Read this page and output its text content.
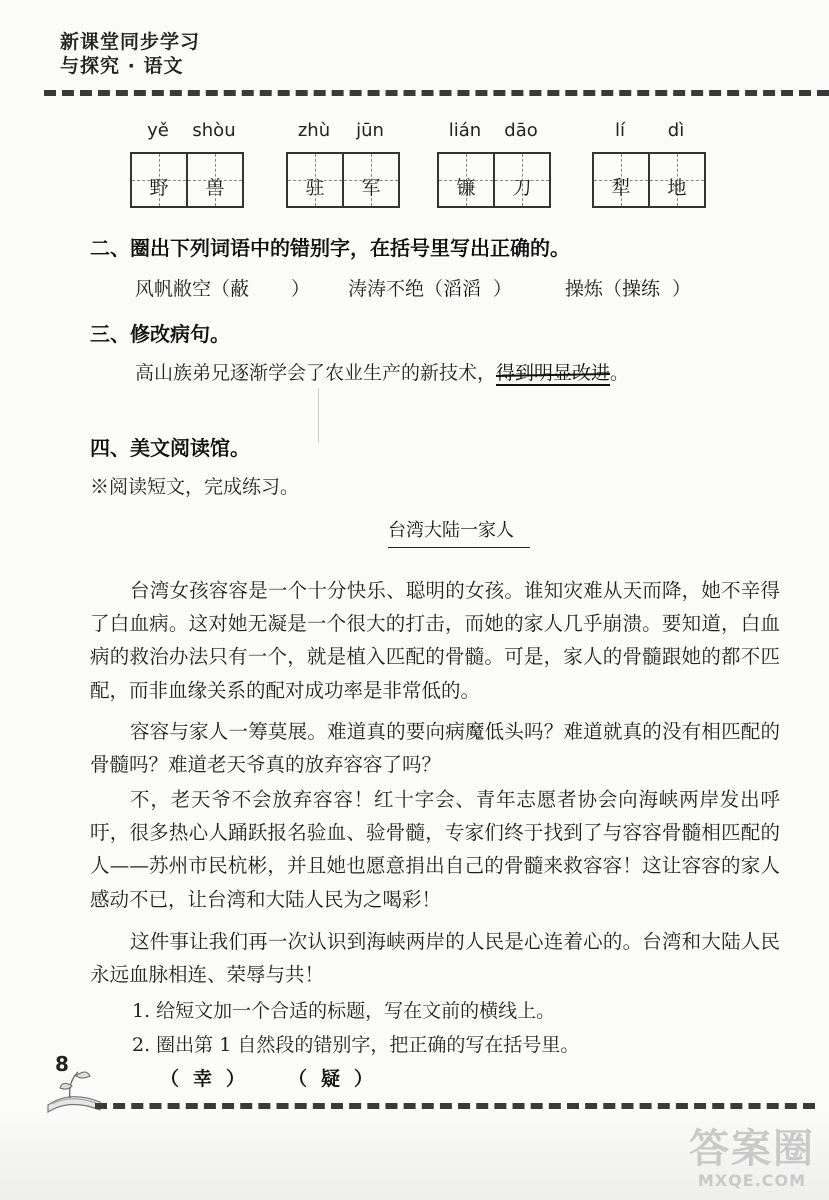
新课堂同步学习
与探究 · 语文
yě	shòu
野 兽
zhù	jūn
驻 军
lián	dāo
镰 刀
lí	dì
犁 地
二、圈出下列词语中的错别字，在括号里写出正确的。
风帆敝空（蔽 ） 涛涛不绝（滔滔 ）	操炼（操练 ）
三、修改病句。
高山族弟兄逐渐学会了农业生产的新技术，得到明显改进。
四、美文阅读馆。
※阅读短文，完成练习。
台湾大陆一家人
台湾女孩容容是一个十分快乐、聪明的女孩。谁知灾难从天而降，她不辛得了白血病。这对她无凝是一个很大的打击，而她的家人几乎崩溃。要知道，白血病的救治办法只有一个，就是植入匹配的骨髓。可是，家人的骨髓跟她的都不匹配，而非血缘关系的配对成功率是非常低的。
容容与家人一筹莫展。难道真的要向病魔低头吗？难道就真的没有相匹配的骨髓吗？难道老天爷真的放弃容容了吗？
不，老天爷不会放弃容容！红十字会、青年志愿者协会向海峡两岸发出呼吁，很多热心人踊跃报名验血、验骨髓，专家们终于找到了与容容骨髓相匹配的人——苏州市民杭彬，并且她也愿意捐出自己的骨髓来救容容！这让容容的家人感动不已，让台湾和大陆人民为之喝彩！
这件事让我们再一次认识到海峡两岸的人民是心连着心的。台湾和大陆人民永远血脉相连、荣辱与共！
1. 给短文加一个合适的标题，写在文前的横线上。
2. 圈出第 1 自然段的错别字，把正确的写在括号里。
（ 幸 ） （ 疑 ）
8
答案圈
MXQE.COM
